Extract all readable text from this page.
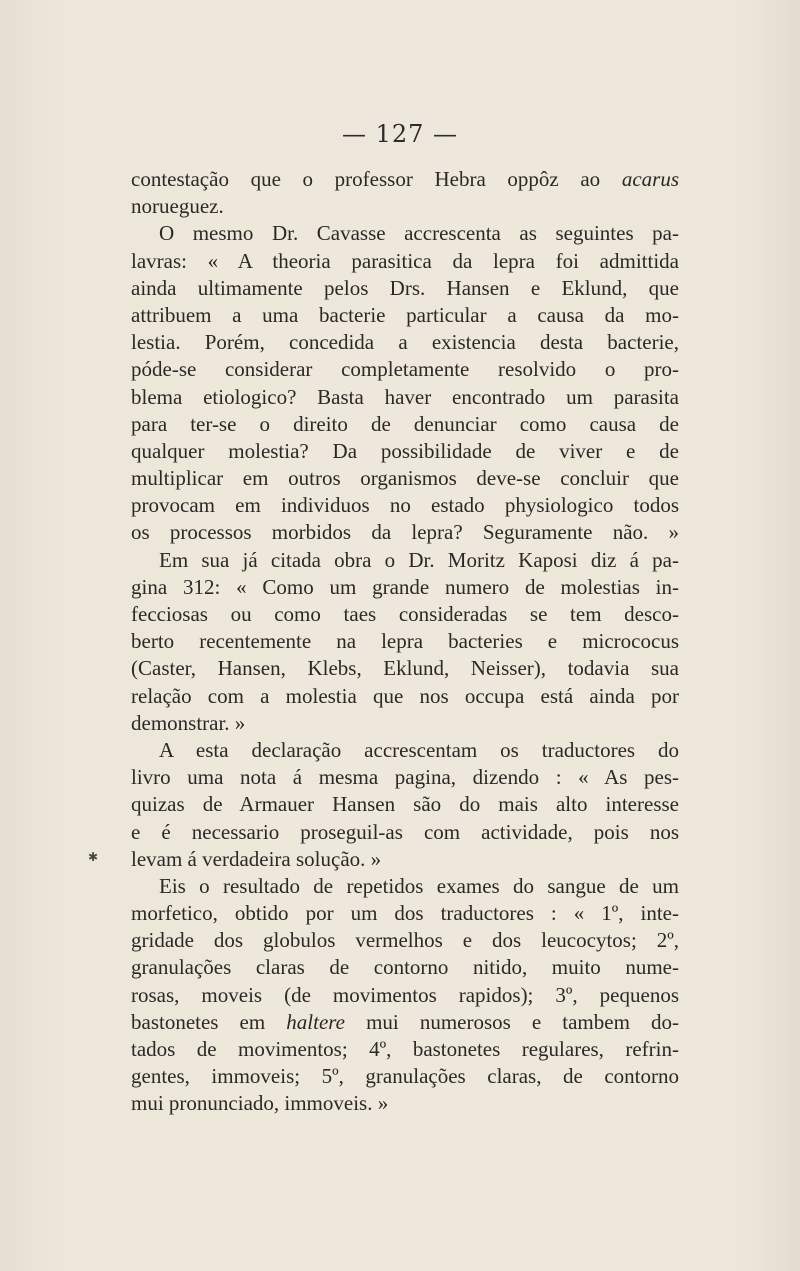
— 127 —
✱
contestação que o professor Hebra oppôz ao acarus
norueguez.
O mesmo Dr. Cavasse accrescenta as seguintes pa-
lavras: « A theoria parasitica da lepra foi admittida
ainda ultimamente pelos Drs. Hansen e Eklund, que
attribuem a uma bacterie particular a causa da mo-
lestia. Porém, concedida a existencia desta bacterie,
póde-se considerar completamente resolvido o pro-
blema etiologico? Basta haver encontrado um parasita
para ter-se o direito de denunciar como causa de
qualquer molestia? Da possibilidade de viver e de
multiplicar em outros organismos deve-se concluir que
provocam em individuos no estado physiologico todos
os processos morbidos da lepra? Seguramente não. »
Em sua já citada obra o Dr. Moritz Kaposi diz á pa-
gina 312: « Como um grande numero de molestias in-
fecciosas ou como taes consideradas se tem desco-
berto recentemente na lepra bacteries e micrococus
(Caster, Hansen, Klebs, Eklund, Neisser), todavia sua
relação com a molestia que nos occupa está ainda por
demonstrar. »
A esta declaração accrescentam os traductores do
livro uma nota á mesma pagina, dizendo : « As pes-
quizas de Armauer Hansen são do mais alto interesse
e é necessario proseguil-as com actividade, pois nos
levam á verdadeira solução. »
Eis o resultado de repetidos exames do sangue de um
morfetico, obtido por um dos traductores : « 1º, inte-
gridade dos globulos vermelhos e dos leucocytos; 2º,
granulações claras de contorno nitido, muito nume-
rosas, moveis (de movimentos rapidos); 3º, pequenos
bastonetes em haltere mui numerosos e tambem do-
tados de movimentos; 4º, bastonetes regulares, refrin-
gentes, immoveis; 5º, granulações claras, de contorno
mui pronunciado, immoveis. »
